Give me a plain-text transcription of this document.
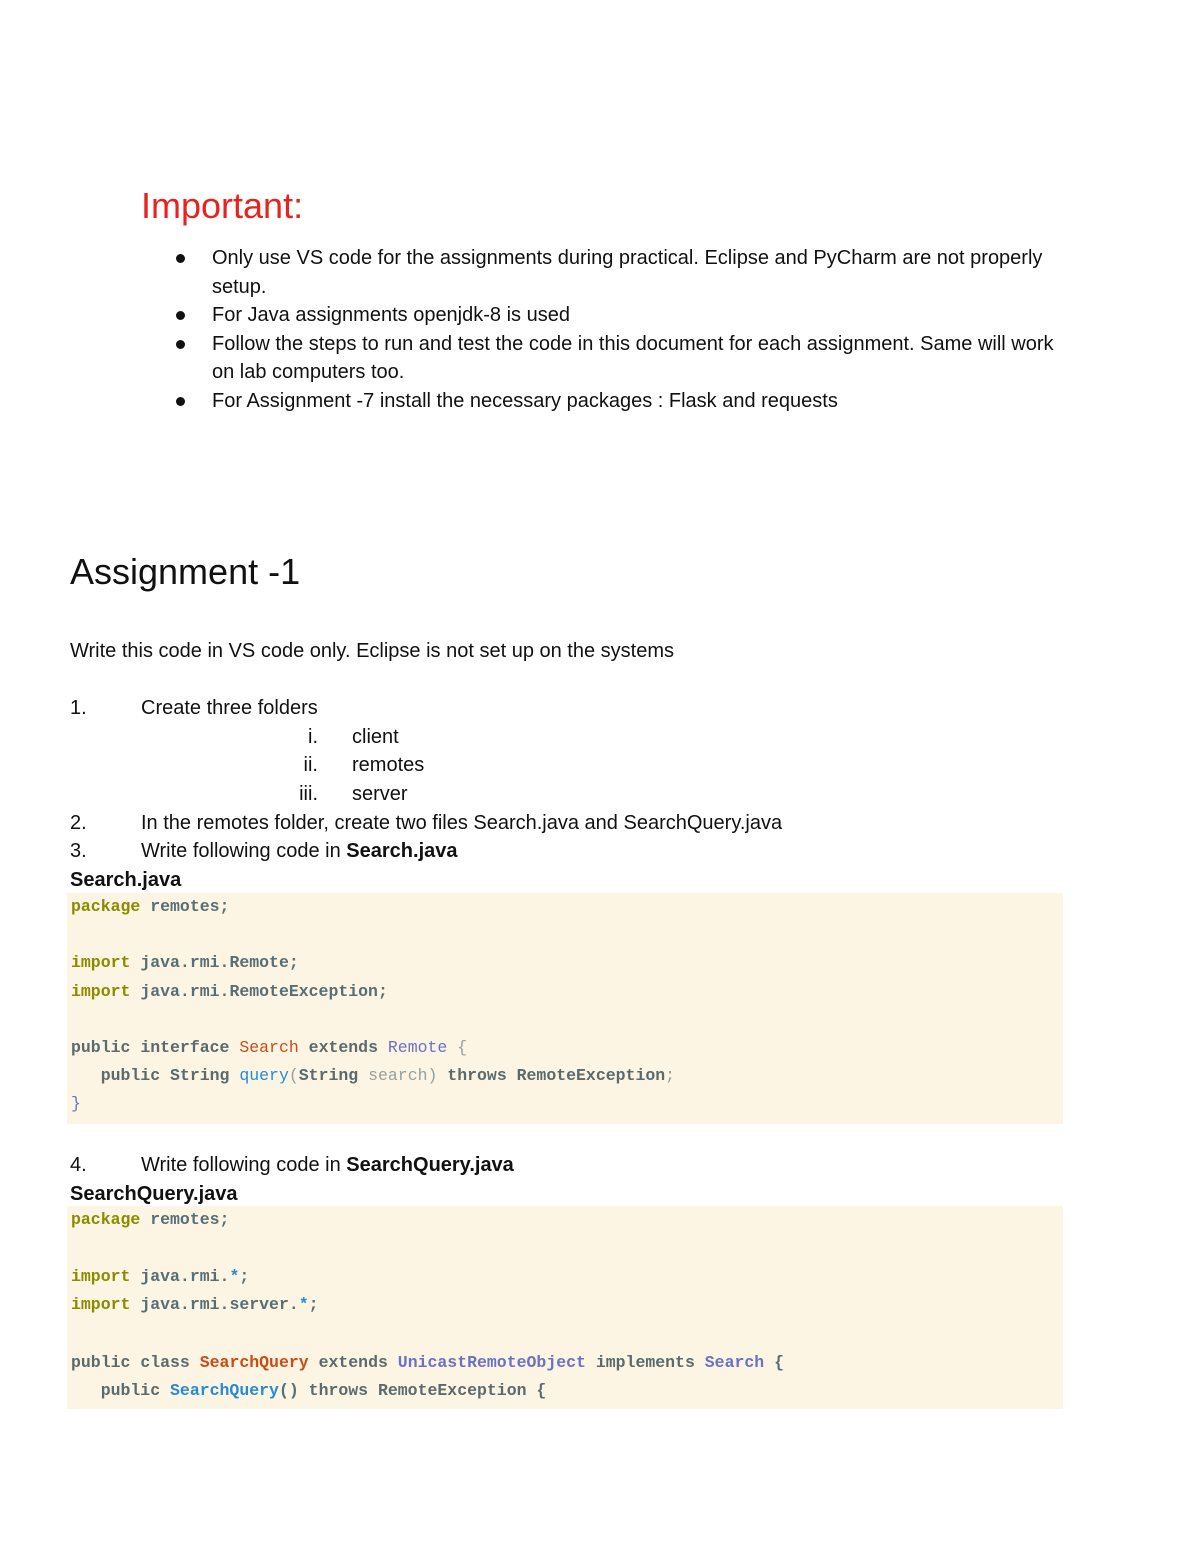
Important:
Only use VS code for the assignments during practical. Eclipse and PyCharm are not properly setup.
For Java assignments openjdk-8 is used
Follow the steps to run and test the code in this document for each assignment. Same will work on lab computers too.
For Assignment -7 install the necessary packages : Flask and requests
Assignment -1

Write this code in VS code only. Eclipse is not set up on the systems

1.	Create three folders
i. client
ii. remotes
iii. server
2.	In the remotes folder, create two files Search.java and SearchQuery.java
3.	Write following code in Search.java
Search.java
package remotes;
import java.rmi.Remote;
import java.rmi.RemoteException;
public interface Search extends Remote {
public String query(String search) throws RemoteException;
}
4.	Write following code in SearchQuery.java
SearchQuery.java
package remotes;
import java.rmi.*;
import java.rmi.server.*;
public class SearchQuery extends UnicastRemoteObject implements Search {
public SearchQuery() throws RemoteException {
